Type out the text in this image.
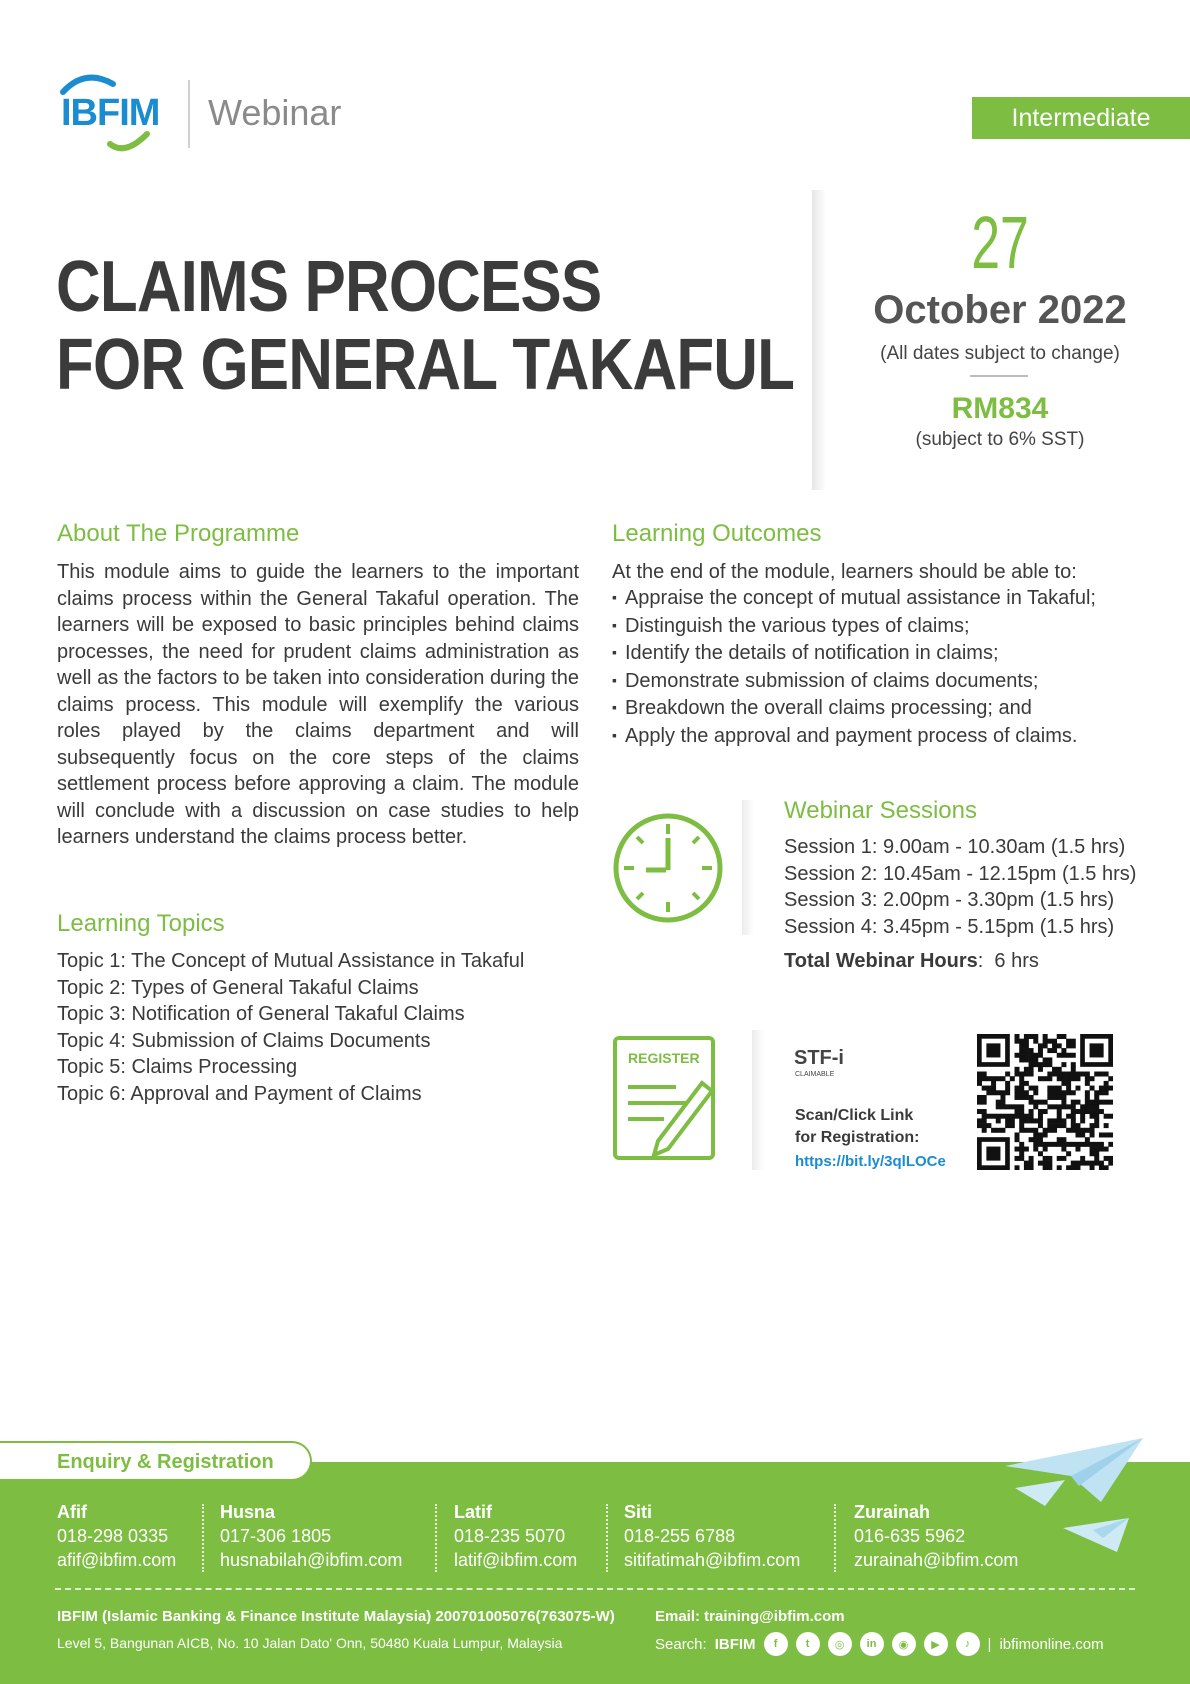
IBFIM Webinar	Intermediate
CLAIMS PROCESS
FOR GENERAL TAKAFUL
27
October 2022
(All dates subject to change)
RM834
(subject to 6% SST)
About The Programme
This module aims to guide the learners to the important claims process within the General Takaful operation. The learners will be exposed to basic principles behind claims processes, the need for prudent claims administration as well as the factors to be taken into consideration during the claims process. This module will exemplify the various roles played by the claims department and will subsequently focus on the core steps of the claims settlement process before approving a claim. The module will conclude with a discussion on case studies to help learners understand the claims process better.
Learning Topics
Topic 1: The Concept of Mutual Assistance in Takaful
Topic 2: Types of General Takaful Claims
Topic 3: Notification of General Takaful Claims
Topic 4: Submission of Claims Documents
Topic 5: Claims Processing
Topic 6: Approval and Payment of Claims
Learning Outcomes
At the end of the module, learners should be able to:
▪ Appraise the concept of mutual assistance in Takaful;
▪ Distinguish the various types of claims;
▪ Identify the details of notification in claims;
▪ Demonstrate submission of claims documents;
▪ Breakdown the overall claims processing; and
▪ Apply the approval and payment process of claims.
Webinar Sessions
Session 1: 9.00am - 10.30am (1.5 hrs)
Session 2: 10.45am - 12.15pm (1.5 hrs)
Session 3: 2.00pm - 3.30pm (1.5 hrs)
Session 4: 3.45pm - 5.15pm (1.5 hrs)
Total Webinar Hours:  6 hrs
REGISTER	STF-i
CLAIMABLE
Scan/Click Link
for Registration:
https://bit.ly/3qlLOCe
Enquiry & Registration
Afif
018-298 0335
afif@ibfim.com
Husna
017-306 1805
husnabilah@ibfim.com
Latif
018-235 5070
latif@ibfim.com
Siti
018-255 6788
sitifatimah@ibfim.com
Zurainah
016-635 5962
zurainah@ibfim.com
IBFIM (Islamic Banking & Finance Institute Malaysia) 200701005076(763075-W)
Level 5, Bangunan AICB, No. 10 Jalan Dato' Onn, 50480 Kuala Lumpur, Malaysia
Email: training@ibfim.com
Search: IBFIM	f	t	◎	in	◉	▶	♪	| ibfimonline.com
